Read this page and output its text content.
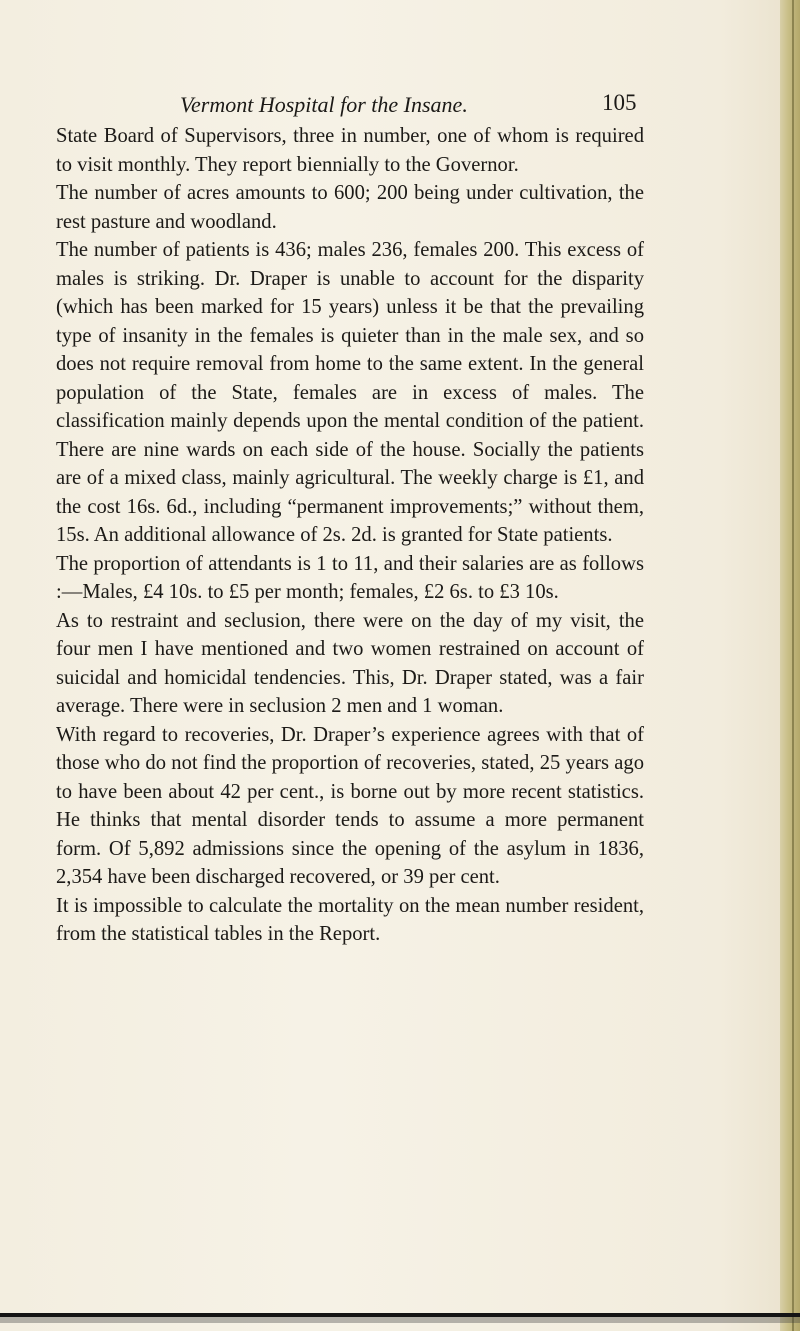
Vermont Hospital for the Insane.	105

State Board of Supervisors, three in number, one of whom is required to visit monthly. They report biennially to the Governor.

The number of acres amounts to 600; 200 being under cultivation, the rest pasture and woodland.

The number of patients is 436; males 236, females 200. This excess of males is striking. Dr. Draper is unable to account for the disparity (which has been marked for 15 years) unless it be that the prevailing type of insanity in the females is quieter than in the male sex, and so does not require removal from home to the same extent. In the general population of the State, females are in excess of males. The classification mainly depends upon the mental condition of the patient. There are nine wards on each side of the house. Socially the patients are of a mixed class, mainly agricultural. The weekly charge is £1, and the cost 16s. 6d., including “permanent improvements;” without them, 15s. An additional allowance of 2s. 2d. is granted for State patients.

The proportion of attendants is 1 to 11, and their salaries are as follows :—Males, £4 10s. to £5 per month; females, £2 6s. to £3 10s.

As to restraint and seclusion, there were on the day of my visit, the four men I have mentioned and two women restrained on account of suicidal and homicidal tendencies. This, Dr. Draper stated, was a fair average. There were in seclusion 2 men and 1 woman.

With regard to recoveries, Dr. Draper’s experience agrees with that of those who do not find the proportion of recoveries, stated, 25 years ago to have been about 42 per cent., is borne out by more recent statistics. He thinks that mental disorder tends to assume a more permanent form. Of 5,892 admissions since the opening of the asylum in 1836, 2,354 have been discharged recovered, or 39 per cent.

It is impossible to calculate the mortality on the mean number resident, from the statistical tables in the Report.
